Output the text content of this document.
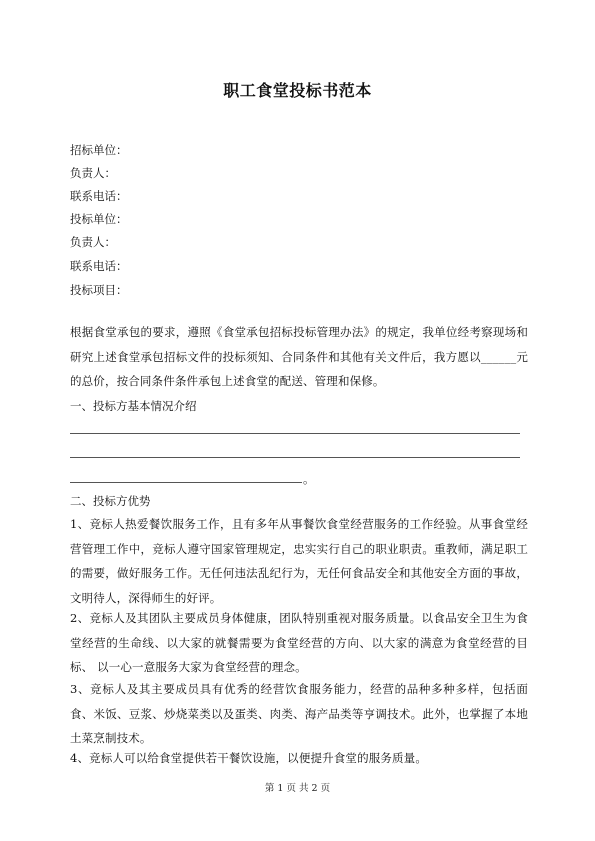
职工食堂投标书范本
招标单位：
负责人：
联系电话：
投标单位：
负责人：
联系电话：
投标项目：
根据食堂承包的要求，遵照《食堂承包招标投标管理办法》的规定，我单位经考察现场和研究上述食堂承包招标文件的投标须知、合同条件和其他有关文件后，我方愿以______元的总价，按合同条件条件承包上述食堂的配送、管理和保修。
一、投标方基本情况介绍
。
二、投标方优势
1、竞标人热爱餐饮服务工作，且有多年从事餐饮食堂经营服务的工作经验。从事食堂经营管理工作中，竞标人遵守国家管理规定，忠实实行自己的职业职责。重教师，满足职工的需要，做好服务工作。无任何违法乱纪行为，无任何食品安全和其他安全方面的事故，文明待人，深得师生的好评。
2、竞标人及其团队主要成员身体健康，团队特别重视对服务质量。以食品安全卫生为食堂经营的生命线、以大家的就餐需要为食堂经营的方向、以大家的满意为食堂经营的目标、 以一心一意服务大家为食堂经营的理念。
3、竞标人及其主要成员具有优秀的经营饮食服务能力，经营的品种多种多样，包括面食、米饭、豆浆、炒烧菜类以及蛋类、肉类、海产品类等亨调技术。此外，也掌握了本地土菜烹制技术。
4、竞标人可以给食堂提供若干餐饮设施，以便提升食堂的服务质量。
第 1 页 共 2 页
